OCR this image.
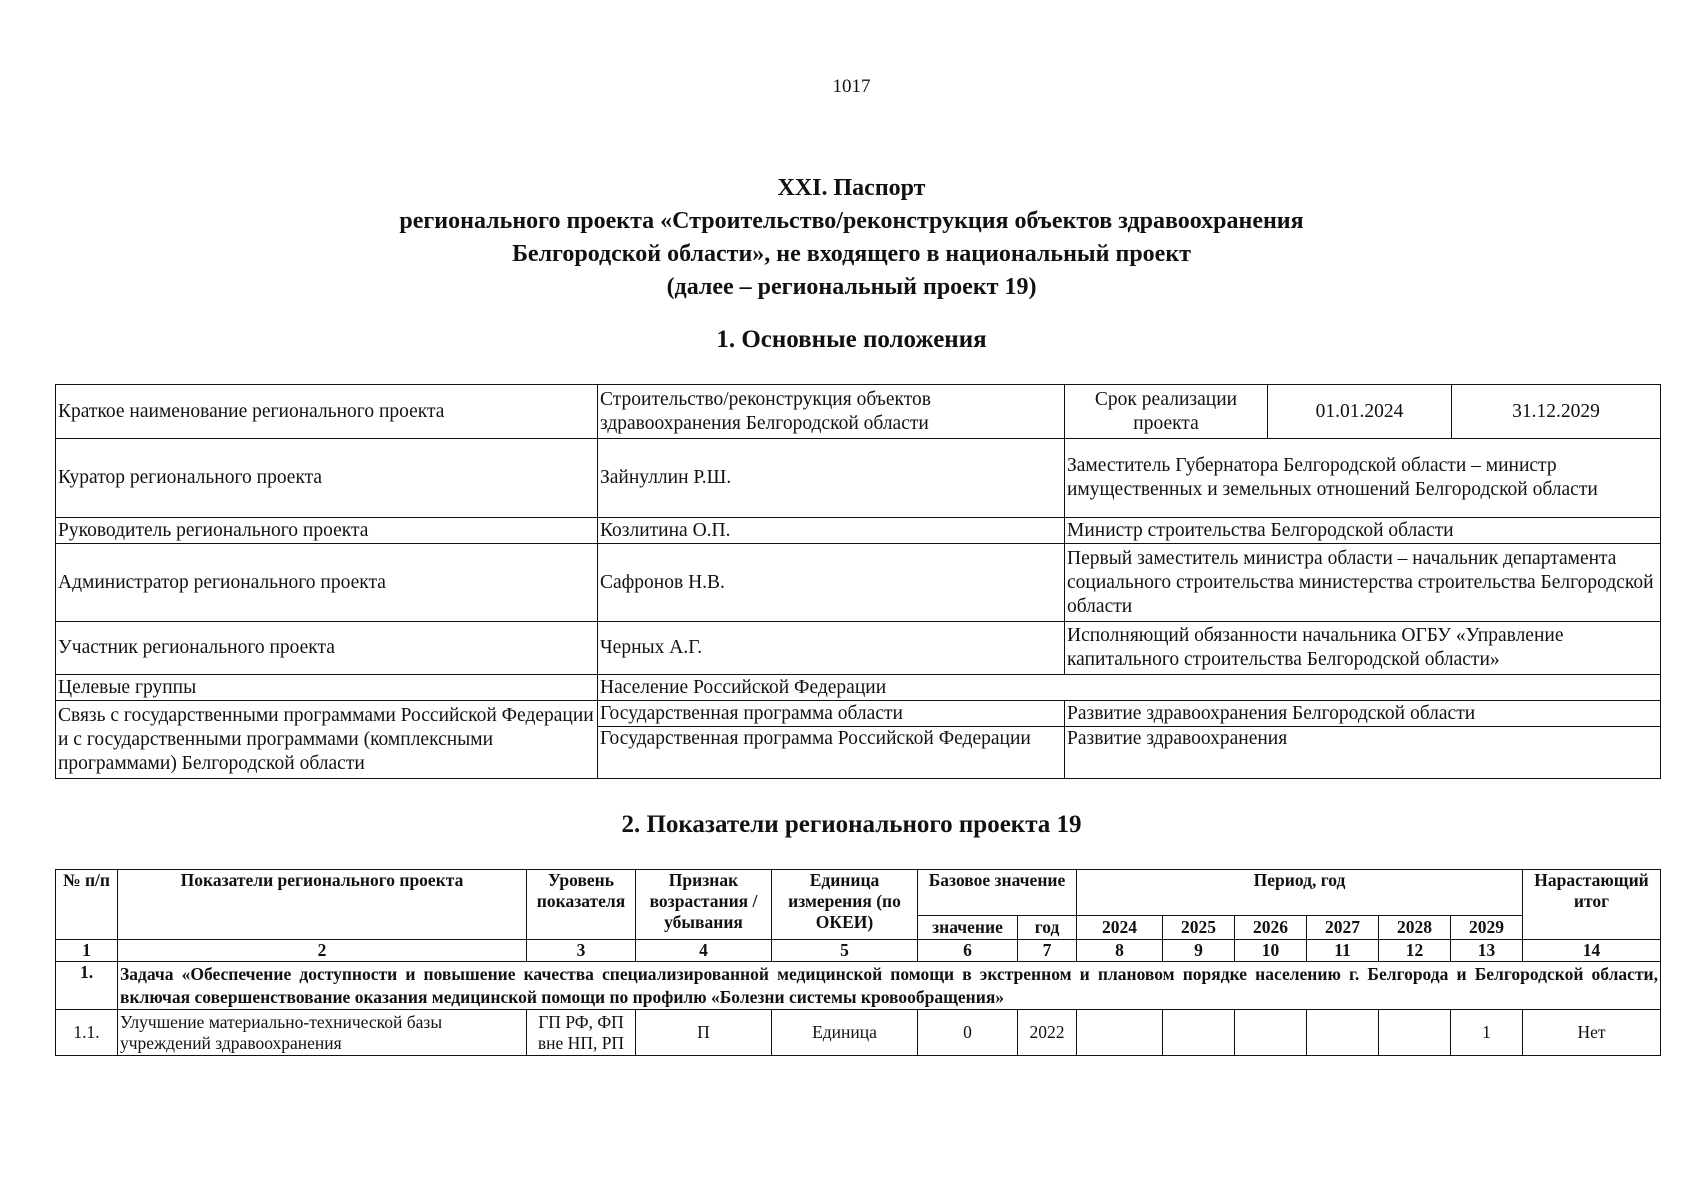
1017
XXI. Паспорт
регионального проекта «Строительство/реконструкция объектов здравоохранения
Белгородской области», не входящего в национальный проект
(далее – региональный проект 19)
1. Основные положения
Краткое наименование регионального проекта	Строительство/реконструкция объектов здравоохранения Белгородской области	Срок реализации проекта	01.01.2024	31.12.2029
Куратор регионального проекта	Зайнуллин Р.Ш.	Заместитель Губернатора Белгородской области – министр имущественных и земельных отношений Белгородской области		
Руководитель регионального проекта	Козлитина О.П.	Министр строительства Белгородской области		
Администратор регионального проекта	Сафронов Н.В.	Первый заместитель министра области – начальник департамента социального строительства министерства строительства Белгородской области		
Участник регионального проекта	Черных А.Г.	Исполняющий обязанности начальника ОГБУ «Управление капитального строительства Белгородской области»		
Целевые группы	Население Российской Федерации			
Связь с государственными программами Российской Федерации и с государственными программами (комплексными программами) Белгородской области	Государственная программа области	Развитие здравоохранения Белгородской области		
	Государственная программа Российской Федерации	Развитие здравоохранения		
2. Показатели регионального проекта 19
№ п/п	Показатели регионального проекта	Уровень показателя	Признак возрастания / убывания	Единица измерения (по ОКЕИ)	Базовое значение		Период, год						Нарастающий итог
					значение	год	2024	2025	2026	2027	2028	2029	
1	2	3	4	5	6	7	8	9	10	11	12	13	14
1.	Задача «Обеспечение доступности и повышение качества специализированной медицинской помощи в экстренном и плановом порядке населению г. Белгорода и Белгородской области, включая совершенствование оказания медицинской помощи по профилю «Болезни системы кровообращения»												
1.1.	Улучшение материально-технической базы учреждений здравоохранения	ГП РФ, ФП вне НП, РП	П	Единица	0	2022						1	Нет
